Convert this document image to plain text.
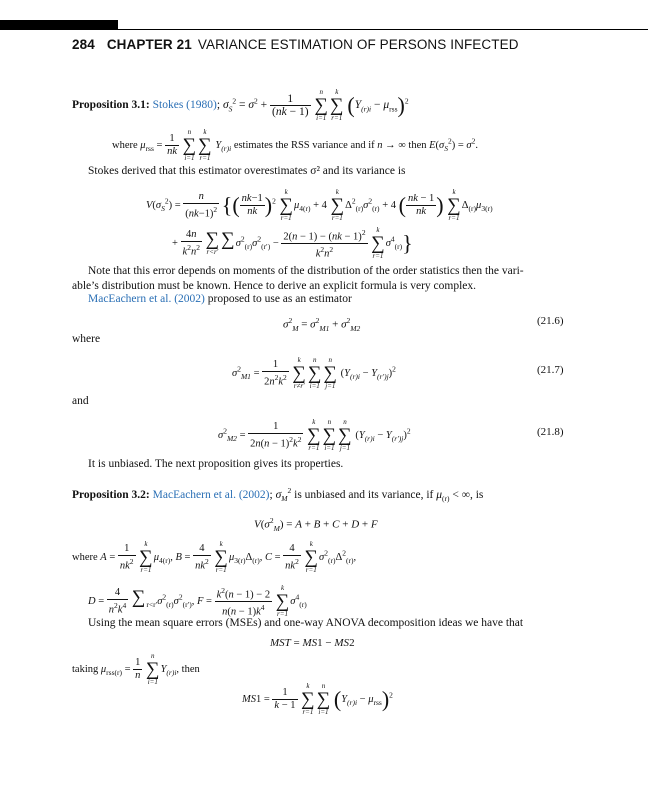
284 CHAPTER 21 VARIANCE ESTIMATION OF PERSONS INFECTED
Proposition 3.1: Stokes (1980); $\sigma_S^2 = \sigma^2 + \frac{1}{(nk - 1)}$

n
∑
i=1
k
∑
r=1
$(Y_{(r)i} - \mu_{rss})^2$
where $\mu_{rss} = \frac{1}{nk}$

n
∑
i=1
k
∑
r=1
$Y_{(r)i}$ estimates the RSS variance and if n → ∞ then $E(\sigma_S^2) = \sigma^2$.
Stokes derived that this estimator overestimates σ² and its variance is
$V(\sigma_S^2) = \frac{n}{(nk-1)^2}$ {( $\frac{nk-1}{nk} )^2$
k
∑
r=1
$\mu_{4(r)} + 4$
k
∑
r=1
$\Delta^2_{(r)}\sigma^2_{(r)} + 4$ ( $\frac{nk - 1}{nk}$ )
k
∑
r=1
$\Delta_{(r)}\mu_{3(r)}$
+ $\frac{4n}{k^2n^2}$
∑
r<r′
∑
$\sigma^2_{(r)}\sigma^2_{(r')} - \frac{2(n - 1) - (nk - 1)^2}{k^2n^2}$
	k
∑
r=1
$\sigma^4_{(r)}$}
Note that this error depends on moments of the distribution of the order statistics then the vari-
able’s distribution must be known. Hence to derive an explicit formula is very complex.
MacEachern et al. (2002) proposed to use as an estimator
$\sigma^2_M = \sigma^2_{M1} + \sigma^2_{M2}$
(21.6)
where
$\sigma^2_{M1} = \frac{1}{2n^2k^2}$
	k
∑
r≠r′
n
∑
i=1
n
∑
j=1
$(Y_{(r)i} - Y_{(r')j})^2$	(21.7)
and
$\sigma^2_{M2} = \frac{1}{2n(n - 1)^2k^2}$
	k
∑
r=1
n
∑
i=1
n
∑
j=1
$(Y_{(r)i} - Y_{(r')j})^2$	(21.8)
It is unbiased. The next proposition gives its properties.
Proposition 3.2: MacEachern et al. (2002); $\sigma_M^2$ is unbiased and its variance, if $\mu_{(r)}$ < ∞, is
$V(\sigma^2_M) = A + B + C + D + F$
where $A = \frac{1}{nk^2}$
	k
∑
r=1
$\mu_{4(r)}$, $B = \frac{4}{nk^2}$
	k
∑
r=1
$\mu_{3(r)}\Delta_{(r)}$, $C = \frac{4}{nk^2}$
	k
∑
r=1
$\sigma^2_{(r)}\Delta^2_{(r)}$,
$D = \frac{4}{n^2k^4}$
∑
$_{r<r'}\sigma^2_{(r)}\sigma^2_{(r')}$, $F = \frac{k^2(n - 1) - 2}{n(n - 1)k^4}$
	k
∑
r=1
$\sigma^4_{(r)}$
Using the mean square errors (MSEs) and one-way ANOVA decomposition ideas we have that
MST = MS1 − MS2
taking $\mu_{rss(r)} = \frac{1}{n}$

n
∑
i=1
$Y_{(r)i}$, then
$MS1 = \frac{1}{k - 1}$

k
∑
r=1
n
∑
i=1
$(Y_{(r)i} - \mu_{rss})^2$
